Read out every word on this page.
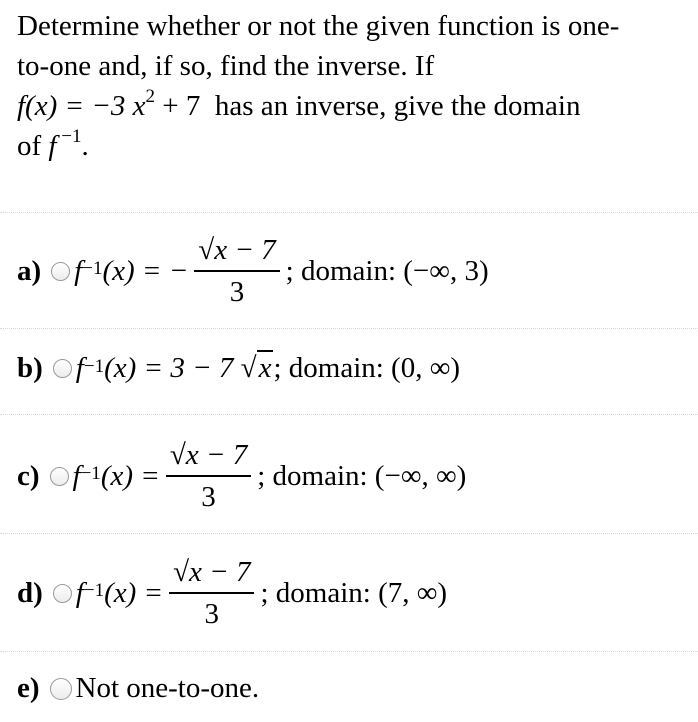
Determine whether or not the given function is one-
to-one and, if so, find the inverse. If
f(x) = −3 $x^2 + 7$  has an inverse, give the domain
of f $^{-1}$.
a) f $^{-1}$ (x) = − $\frac{√x - 7}{3}$ ; domain: (−∞, 3)
b) f $^{-1}$ (x) = 3 − 7 √x ; domain: (0, ∞)
c) f $^{-1}$ $(x) = \frac{√x - 7}{3}$ ; domain: (−∞, ∞)
d) f $^{-1}$ $(x) = \frac{√x - 7}{3}$ ; domain: (7, ∞)
e) Not one-to-one.
